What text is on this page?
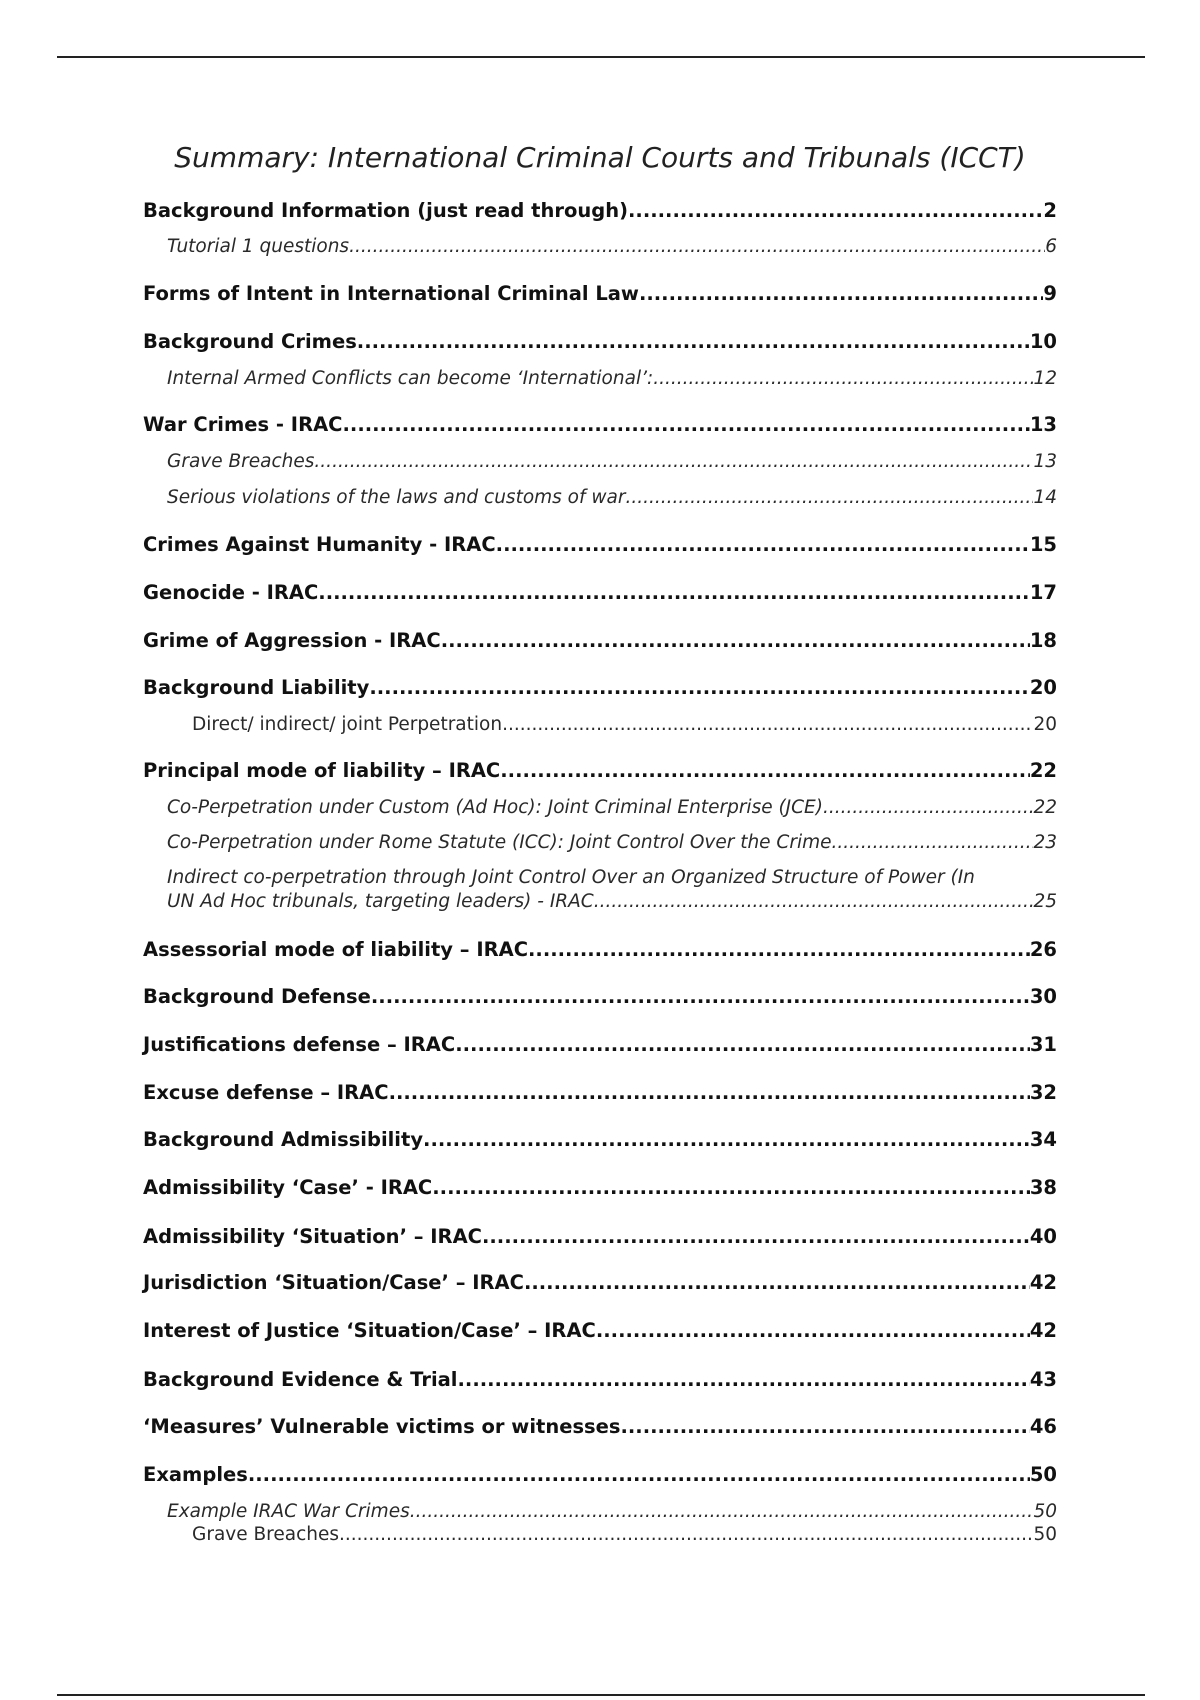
Summary: International Criminal Courts and Tribunals (ICCT)
Background Information (just read through) .....	2
Tutorial 1 questions .....	6
Forms of Intent in International Criminal Law .....	9
Background Crimes .....	10
Internal Armed Conflicts can become ‘International’: .....	12
War Crimes - IRAC .....	13
Grave Breaches .....	13
Serious violations of the laws and customs of war .....	14
Crimes Against Humanity - IRAC .....	15
Genocide - IRAC .....	17
Grime of Aggression - IRAC .....	18
Background Liability .....	20
Direct/ indirect/ joint Perpetration .....	20
Principal mode of liability – IRAC .....	22
Co-Perpetration under Custom (Ad Hoc): Joint Criminal Enterprise (JCE) .....	22
Co-Perpetration under Rome Statute (ICC): Joint Control Over the Crime .....	23
Indirect co-perpetration through Joint Control Over an Organized Structure of Power (In
UN Ad Hoc tribunals, targeting leaders) - IRAC .....	25
Assessorial mode of liability – IRAC .....	26
Background Defense .....	30
Justifications defense – IRAC .....	31
Excuse defense – IRAC .....	32
Background Admissibility .....	34
Admissibility ‘Case’ - IRAC .....	38
Admissibility ‘Situation’ – IRAC .....	40
Jurisdiction ‘Situation/Case’ – IRAC .....	42
Interest of Justice ‘Situation/Case’ – IRAC .....	42
Background Evidence & Trial .....	43
‘Measures’ Vulnerable victims or witnesses .....	46
Examples .....	50
Example IRAC War Crimes .....	50
Grave Breaches .....	50
